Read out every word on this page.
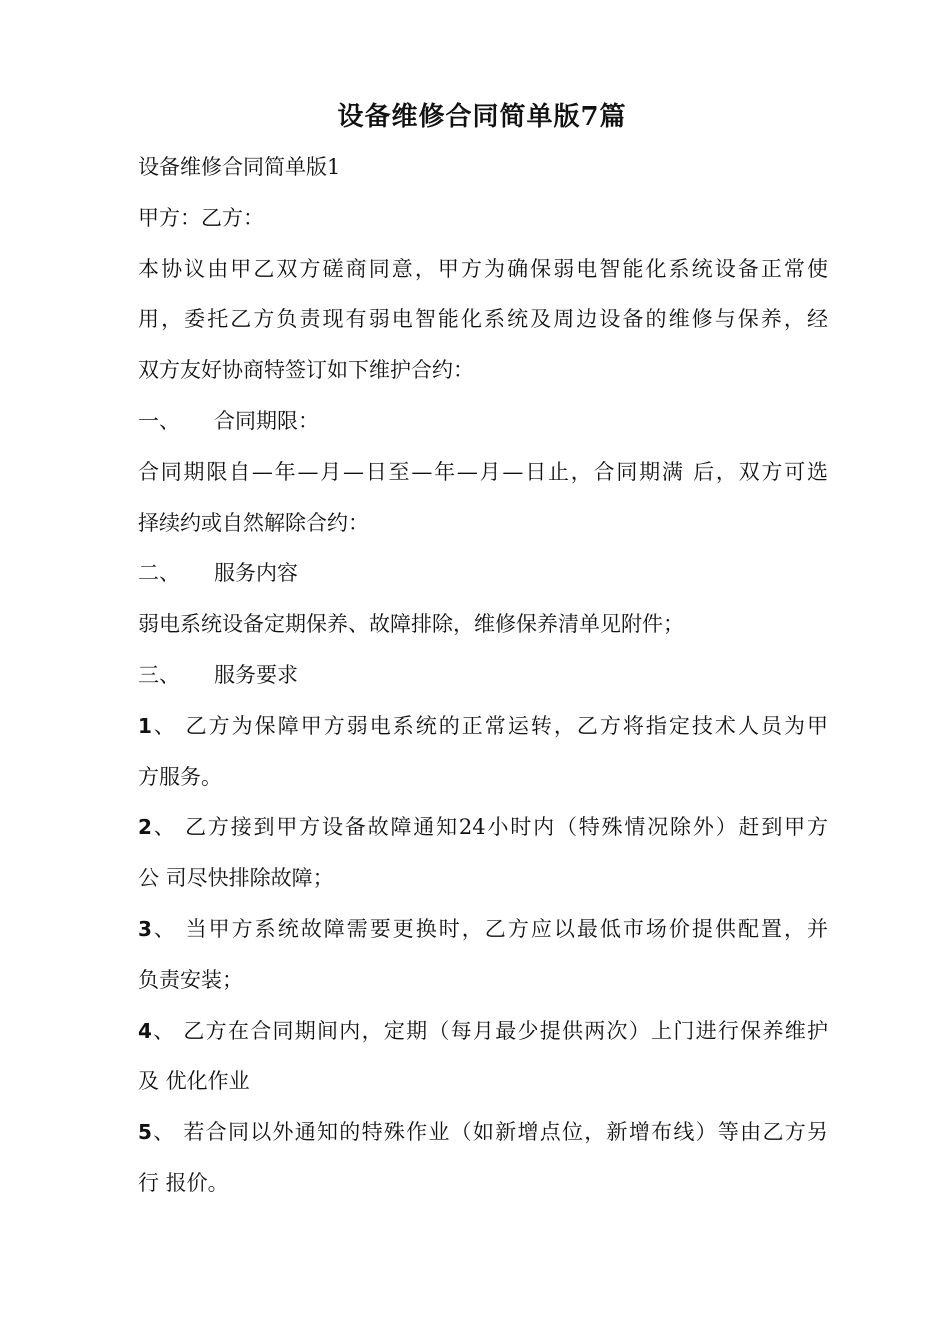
设备维修合同简单版7篇
设备维修合同简单版1
甲方：乙方：
本协议由甲乙双方磋商同意，甲方为确保弱电智能化系统设备正常使
用，委托乙方负责现有弱电智能化系统及周边设备的维修与保养，经
双方友好协商特签订如下维护合约：
一、 合同期限：
合同期限自—年—月—日至—年—月—日止，合同期满 后，双方可选
择续约或自然解除合约：
二、 服务内容
弱电系统设备定期保养、故障排除，维修保养清单见附件；
三、 服务要求
1、 乙方为保障甲方弱电系统的正常运转，乙方将指定技术人员为甲
方服务。
2、 乙方接到甲方设备故障通知24小时内（特殊情况除外）赶到甲方
公 司尽快排除故障；
3、 当甲方系统故障需要更换时，乙方应以最低市场价提供配置，并
负责安装；
4、 乙方在合同期间内，定期（每月最少提供两次）上门进行保养维护
及 优化作业
5、 若合同以外通知的特殊作业（如新增点位，新增布线）等由乙方另
行 报价。
